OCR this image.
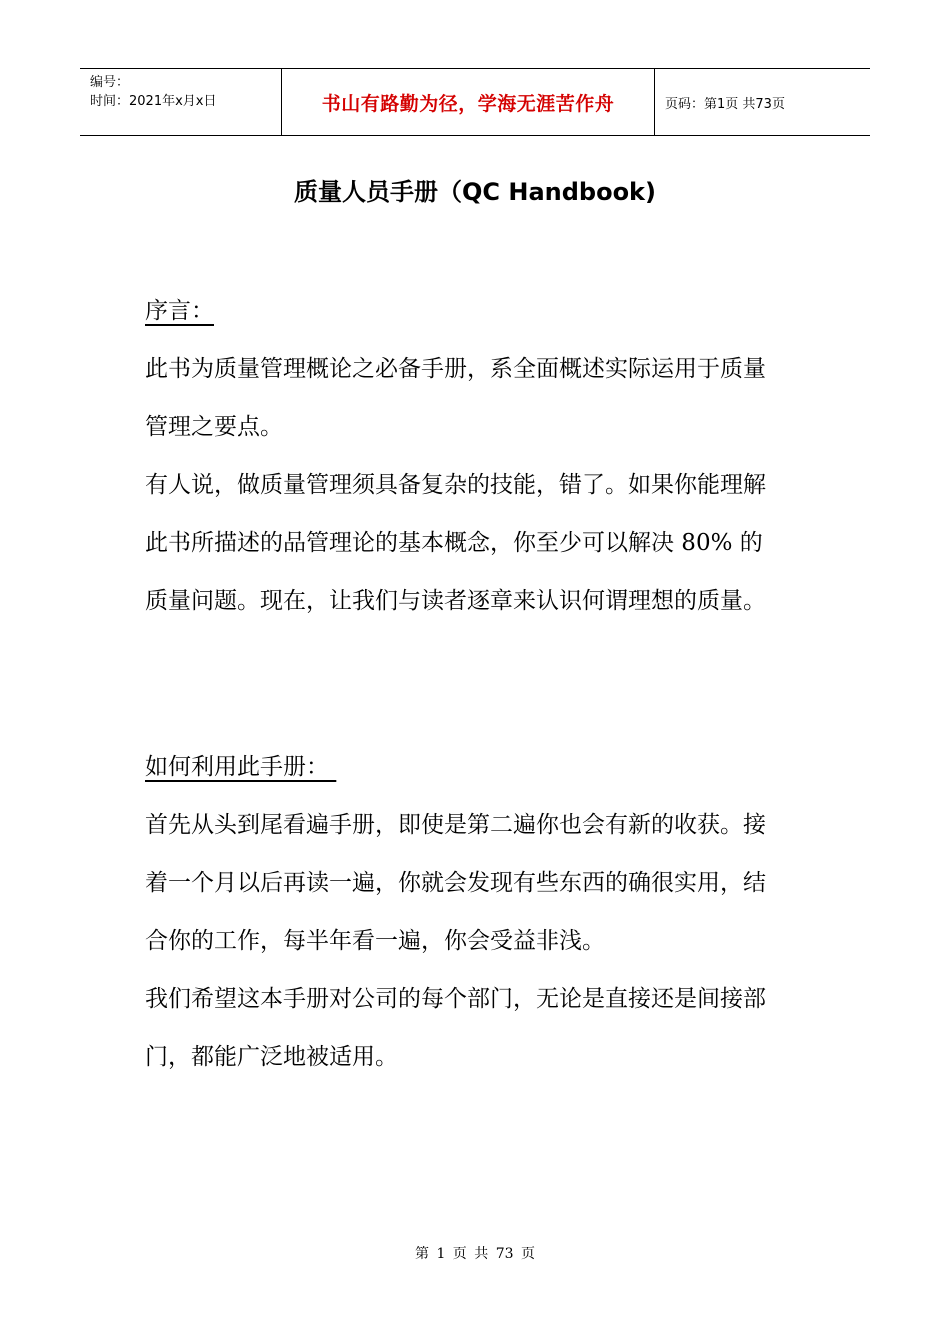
编号：
时间：2021年x月x日	书山有路勤为径，学海无涯苦作舟	页码：第1页 共73页
质量人员手册（QC Handbook)

序言：

此书为质量管理概论之必备手册，系全面概述实际运用于质量管理之要点。

有人说，做质量管理须具备复杂的技能，错了。如果你能理解此书所描述的品管理论的基本概念，你至少可以解决 80% 的质量问题。现在，让我们与读者逐章来认识何谓理想的质量。

如何利用此手册：

首先从头到尾看遍手册，即使是第二遍你也会有新的收获。接着一个月以后再读一遍，你就会发现有些东西的确很实用，结合你的工作，每半年看一遍，你会受益非浅。

我们希望这本手册对公司的每个部门，无论是直接还是间接部门，都能广泛地被适用。

第 1 页 共 73 页
